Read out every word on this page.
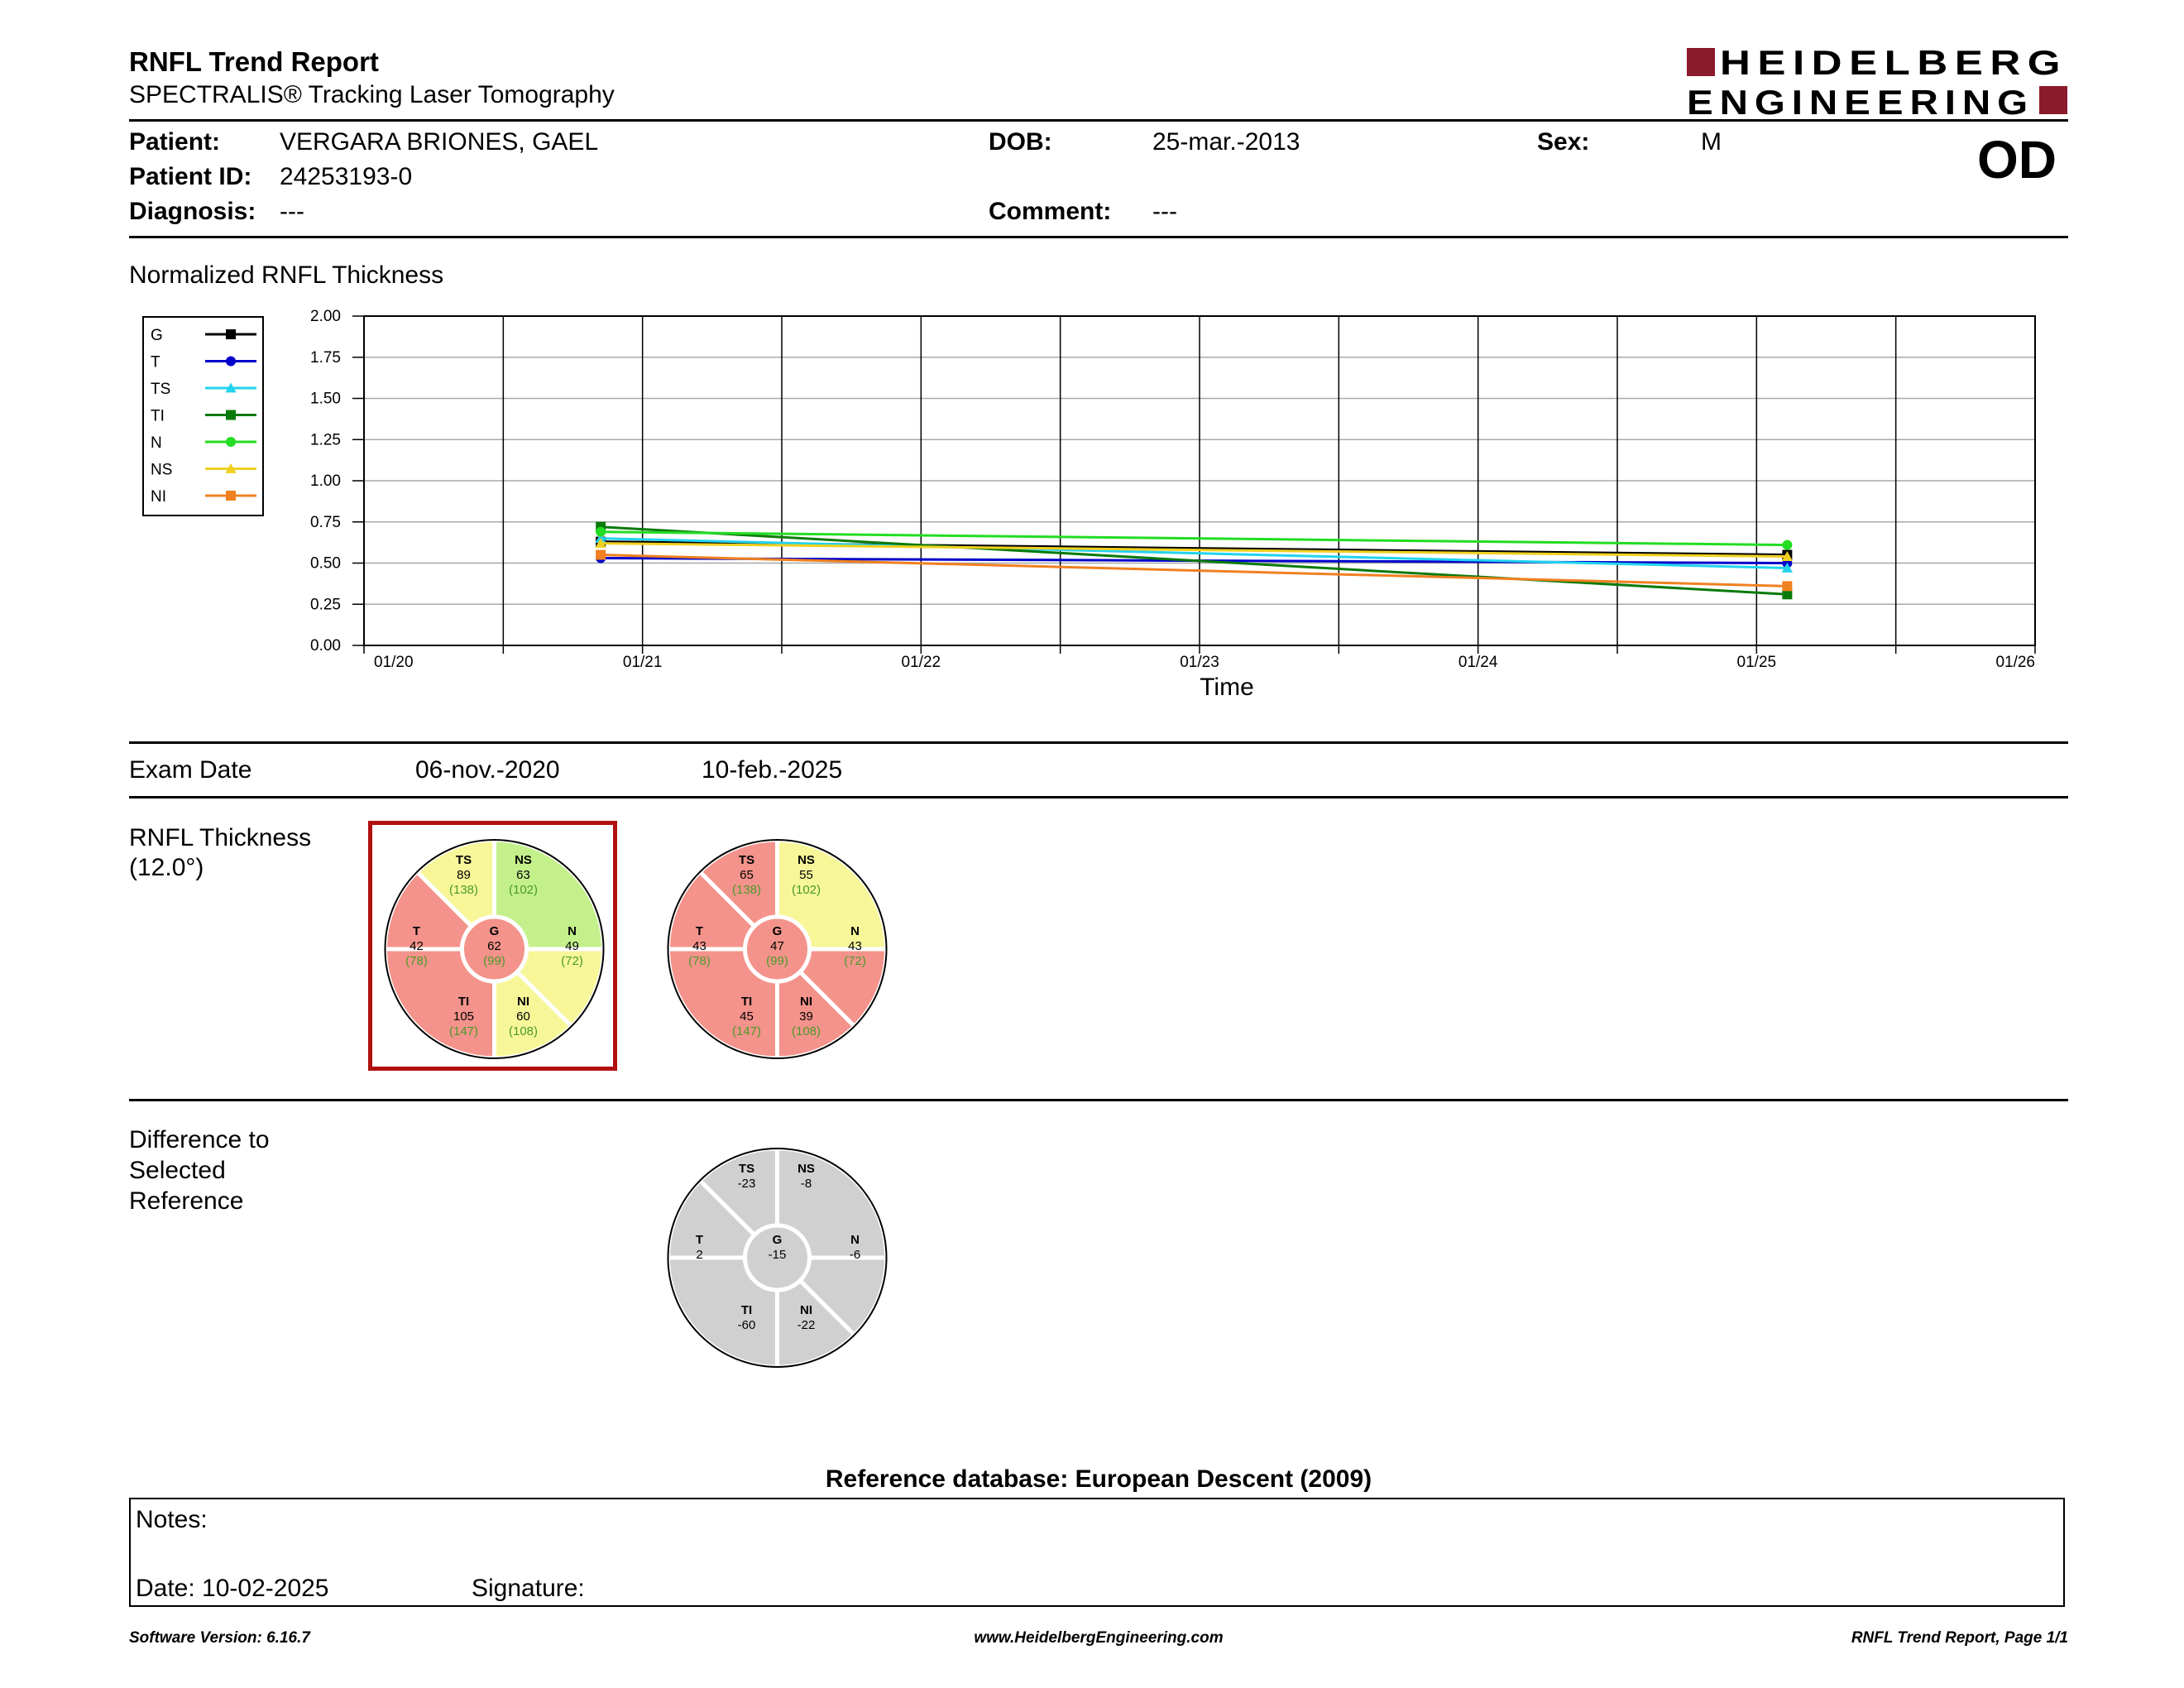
RNFL Trend Report
SPECTRALIS® Tracking Laser Tomography
HEIDELBERG
ENGINEERING
Patient: VERGARA BRIONES, GAEL
Patient ID: 24253193-0
Diagnosis: ---
DOB:	25-mar.-2013
Comment: ---
Sex:	M	OD
Normalized RNFL Thickness
G
T
TS
TI
N
NS
NI
0.00
0.25
0.50
0.75
1.00
1.25
1.50
1.75
2.00
01/20	01/21	01/22	01/23	01/24	01/25	01/26
Time
Exam Date	06-nov.-2020	10-feb.-2025
RNFL Thickness
(12.0°)	TS
89
(138)
NS
63
(102)
T
42
(78)
G
62
(99)
N
49
(72)
TI
105
(147)
NI
60
(108)
TS
65
(138)
NS
55
(102)
T
43
(78)
G
47
(99)
N
43
(72)
TI
45
(147)
NI
39
(108)
Difference to
Selected
Reference
TS
-23
NS
-8
T
2
G
-15
N
-6
TI
-60
NI
-22
Reference database: European Descent (2009)
Notes:
Date: 10-02-2025	Signature:
Software Version: 6.16.7	www.HeidelbergEngineering.com	RNFL Trend Report, Page 1/1
